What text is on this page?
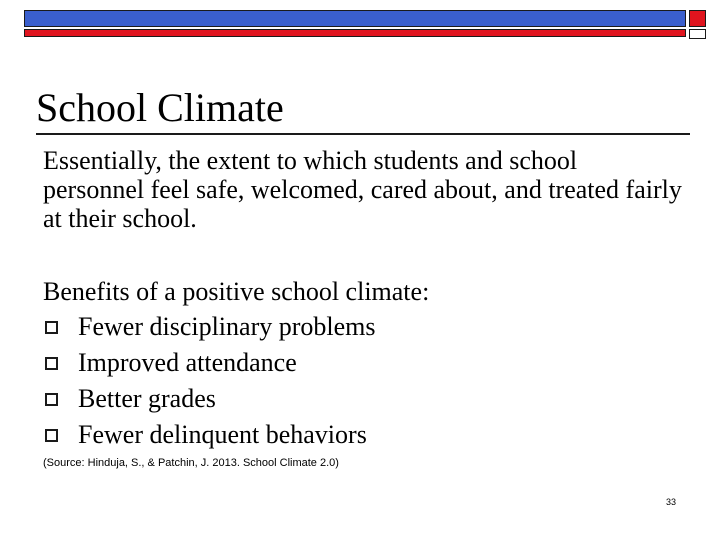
School Climate
Essentially, the extent to which students and school personnel feel safe, welcomed, cared about, and treated fairly at their school.
Benefits of a positive school climate:
Fewer disciplinary problems
Improved attendance
Better grades
Fewer delinquent behaviors
(Source: Hinduja, S., & Patchin, J. 2013. School Climate 2.0)
33
